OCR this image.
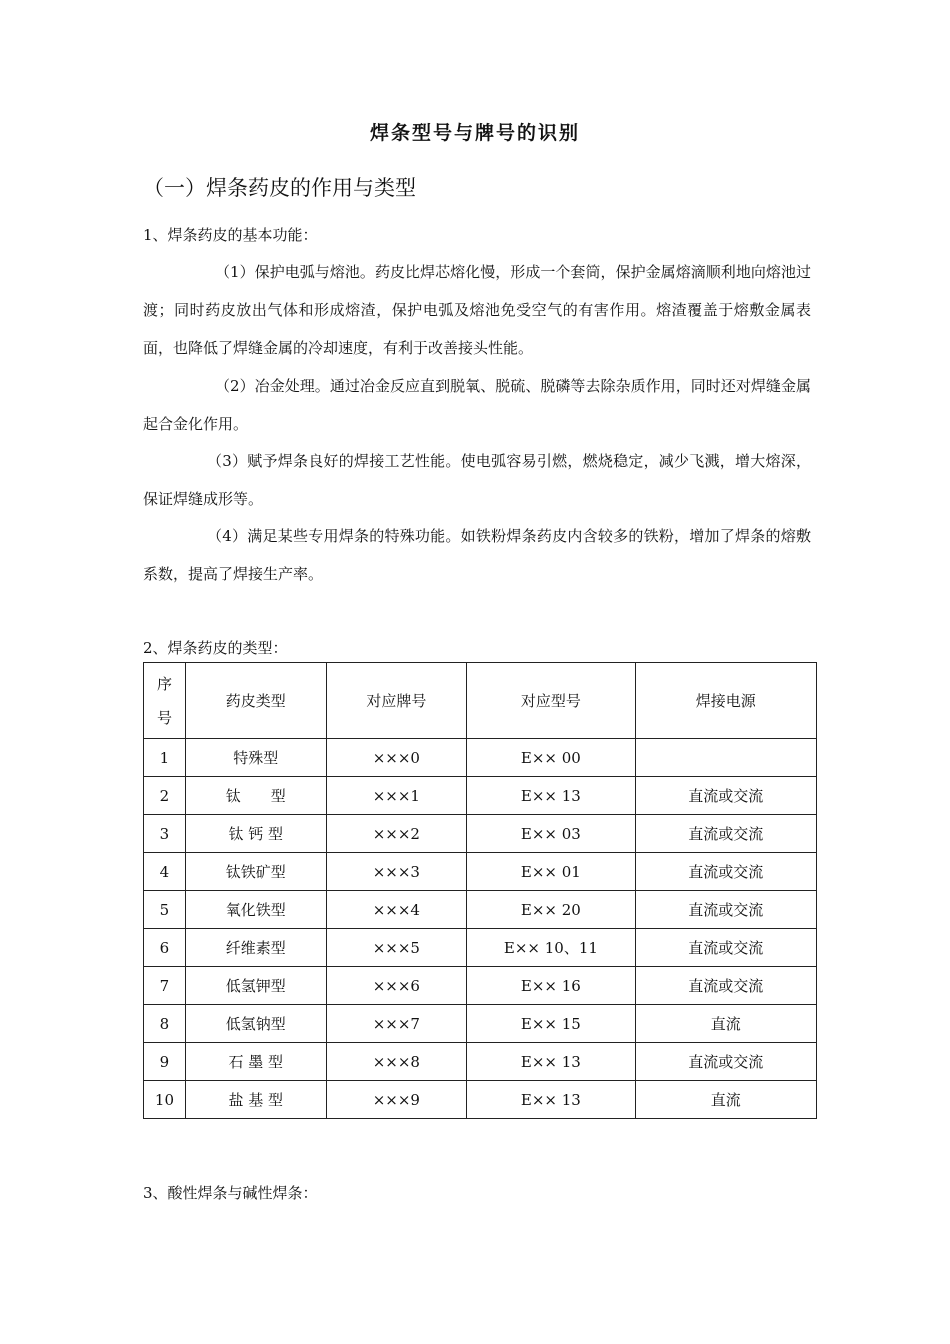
焊条型号与牌号的识别
（一）焊条药皮的作用与类型
1、焊条药皮的基本功能：

（1）保护电弧与熔池。药皮比焊芯熔化慢，形成一个套筒，保护金属熔滴顺利地向熔池过渡；同时药皮放出气体和形成熔渣，保护电弧及熔池免受空气的有害作用。熔渣覆盖于熔敷金属表面，也降低了焊缝金属的冷却速度，有利于改善接头性能。

（2）冶金处理。通过冶金反应直到脱氧、脱硫、脱磷等去除杂质作用，同时还对焊缝金属起合金化作用。

（3）赋予焊条良好的焊接工艺性能。使电弧容易引燃，燃烧稳定，减少飞溅，增大熔深，保证焊缝成形等。

（4）满足某些专用焊条的特殊功能。如铁粉焊条药皮内含较多的铁粉，增加了焊条的熔敷系数，提高了焊接生产率。

2、焊条药皮的类型：
序
号	药皮类型	对应牌号	对应型号	焊接电源
1	特殊型	×××0	E×× 00	
2	钛　　型	×××1	E×× 13	直流或交流
3	钛 钙 型	×××2	E×× 03	直流或交流
4	钛铁矿型	×××3	E×× 01	直流或交流
5	氧化铁型	×××4	E×× 20	直流或交流
6	纤维素型	×××5	E×× 10、11	直流或交流
7	低氢钾型	×××6	E×× 16	直流或交流
8	低氢钠型	×××7	E×× 15	直流
9	石 墨 型	×××8	E×× 13	直流或交流
10	盐 基 型	×××9	E×× 13	直流
3、酸性焊条与碱性焊条：
